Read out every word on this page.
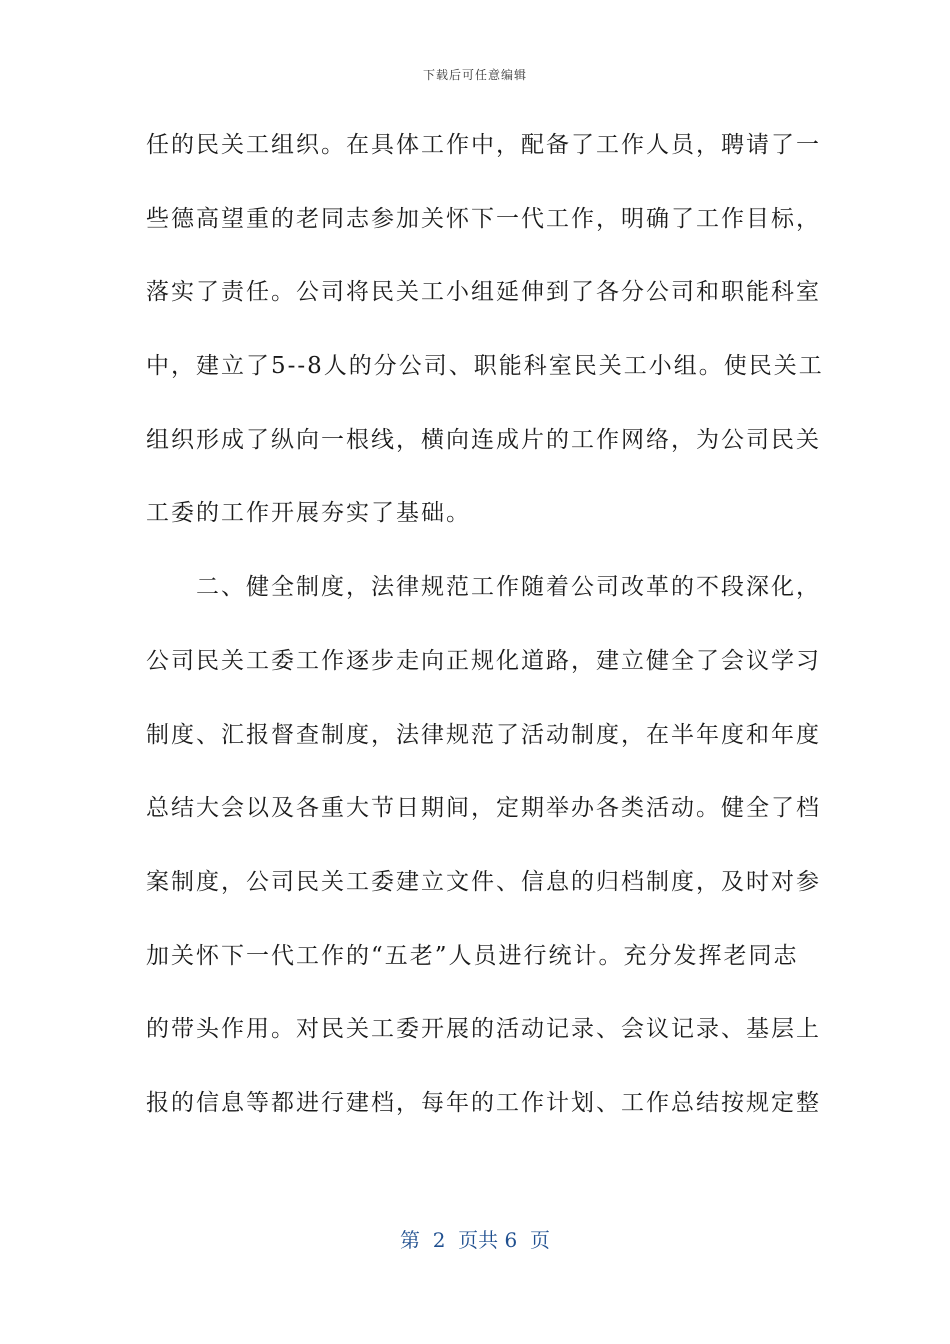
下载后可任意编辑
任的民关工组织。在具体工作中，配备了工作人员，聘请了一
些德高望重的老同志参加关怀下一代工作，明确了工作目标，
落实了责任。公司将民关工小组延伸到了各分公司和职能科室
中，建立了5--8人的分公司、职能科室民关工小组。使民关工
组织形成了纵向一根线，横向连成片的工作网络，为公司民关
工委的工作开展夯实了基础。
　　二、健全制度，法律规范工作随着公司改革的不段深化，
公司民关工委工作逐步走向正规化道路，建立健全了会议学习
制度、汇报督查制度，法律规范了活动制度，在半年度和年度
总结大会以及各重大节日期间，定期举办各类活动。健全了档
案制度，公司民关工委建立文件、信息的归档制度，及时对参
加关怀下一代工作的“五老”人员进行统计。充分发挥老同志
的带头作用。对民关工委开展的活动记录、会议记录、基层上
报的信息等都进行建档，每年的工作计划、工作总结按规定整
第  2  页共 6  页
